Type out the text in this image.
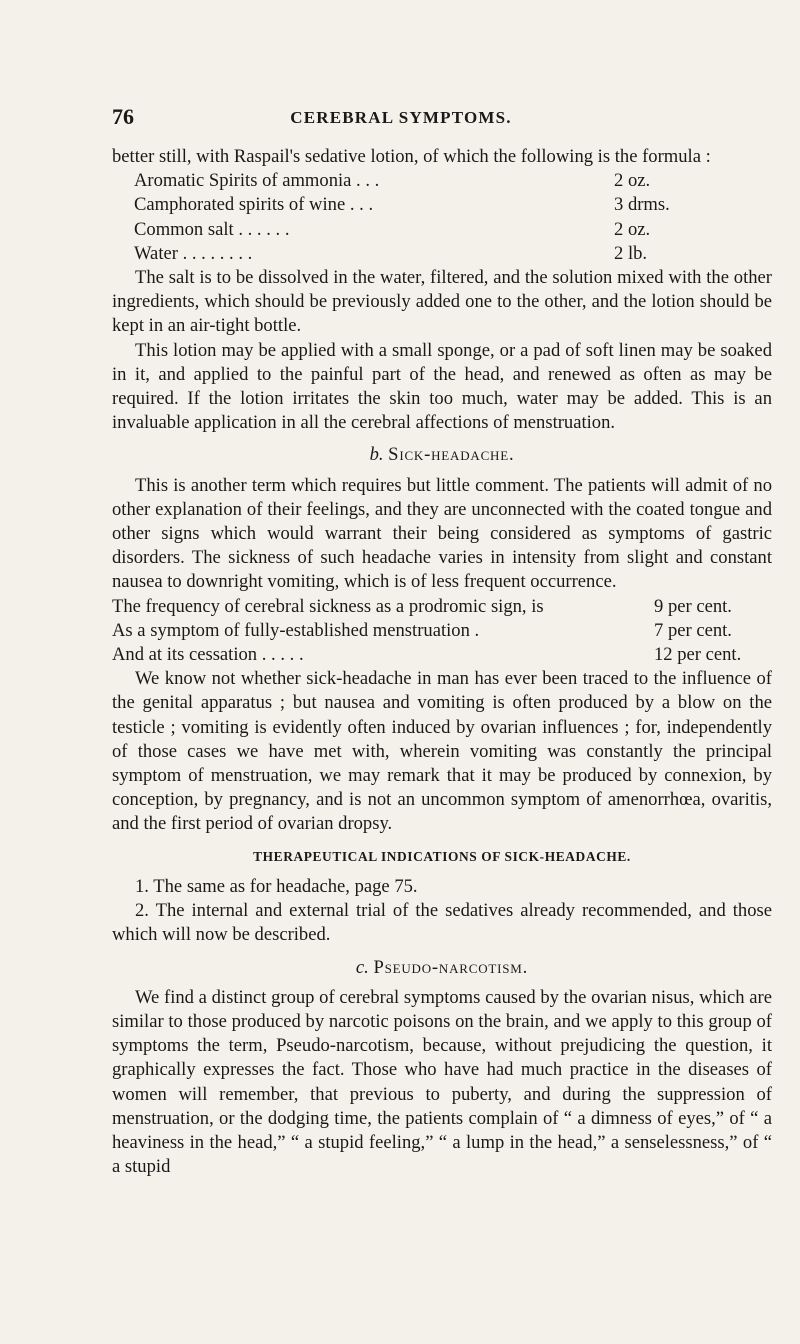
76	CEREBRAL SYMPTOMS.

better still, with Raspail's sedative lotion, of which the following is the formula :

Aromatic Spirits of ammonia . . .	2 oz.
Camphorated spirits of wine . . .	3 drms.
Common salt . . . . . .	2 oz.
Water . . . . . . . .	2 lb.

The salt is to be dissolved in the water, filtered, and the solution mixed with the other ingredients, which should be previously added one to the other, and the lotion should be kept in an air-tight bottle.

This lotion may be applied with a small sponge, or a pad of soft linen may be soaked in it, and applied to the painful part of the head, and renewed as often as may be required. If the lotion irritates the skin too much, water may be added. This is an invaluable application in all the cerebral affections of menstruation.

b. Sick-headache.

This is another term which requires but little comment. The patients will admit of no other explanation of their feelings, and they are unconnected with the coated tongue and other signs which would warrant their being considered as symptoms of gastric disorders. The sickness of such headache varies in intensity from slight and constant nausea to downright vomiting, which is of less frequent occurrence.

The frequency of cerebral sickness as a prodromic sign, is	9 per cent.
As a symptom of fully-established menstruation .	7 per cent.
And at its cessation . . . . .	12 per cent.

We know not whether sick-headache in man has ever been traced to the influence of the genital apparatus ; but nausea and vomiting is often produced by a blow on the testicle ; vomiting is evidently often induced by ovarian influences ; for, independently of those cases we have met with, wherein vomiting was constantly the principal symptom of menstruation, we may remark that it may be produced by connexion, by conception, by pregnancy, and is not an uncommon symptom of amenorrhœa, ovaritis, and the first period of ovarian dropsy.

THERAPEUTICAL INDICATIONS OF SICK-HEADACHE.

1. The same as for headache, page 75.

2. The internal and external trial of the sedatives already recommended, and those which will now be described.

c. Pseudo-narcotism.

We find a distinct group of cerebral symptoms caused by the ovarian nisus, which are similar to those produced by narcotic poisons on the brain, and we apply to this group of symptoms the term, Pseudo-narcotism, because, without prejudicing the question, it graphically expresses the fact. Those who have had much practice in the diseases of women will remember, that previous to puberty, and during the suppression of menstruation, or the dodging time, the patients complain of “ a dimness of eyes,” of “ a heaviness in the head,” “ a stupid feeling,” “ a lump in the head,” a senselessness,” of “ a stupid
